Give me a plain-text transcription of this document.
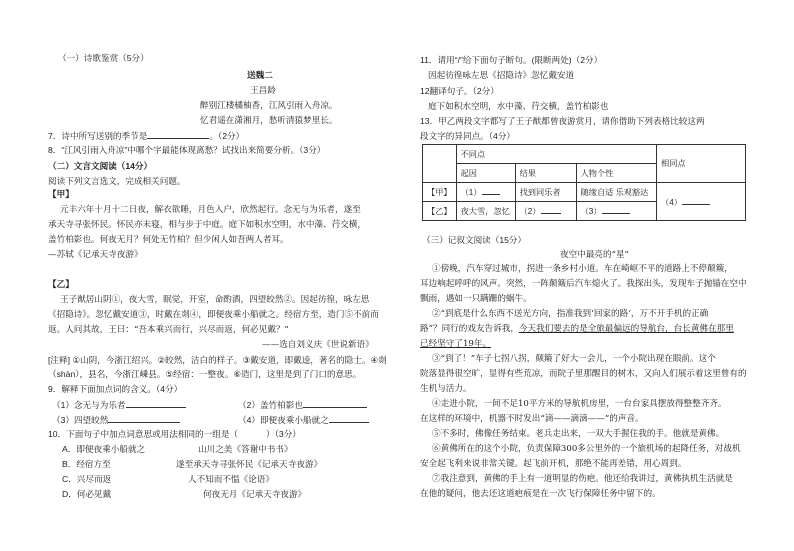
（一）诗歌鉴赏（5分）
送魏二
王昌龄
醉别江楼橘柚香，江风引雨入舟凉。
忆君遥在潇湘月，愁听清猿梦里长。
7．诗中所写送别的季节是	。（2分）
8．“江风引雨入舟凉”中哪个字最能体现离愁？试找出来简要分析。（3分）
（二）文言文阅读（14分）
阅读下列文言选文，完成相关问题。
【甲】
元丰六年十月十二日夜，解衣欲睡，月色入户，欣然起行。念无与为乐者，遂至
承天寺寻张怀民。怀民亦未寝，相与步于中庭。庭下如积水空明，水中藻、荇交横，
盖竹柏影也。何夜无月？何处无竹柏？但少闲人如吾两人者耳。
—苏轼《记承天寺夜游》
【乙】
王子猷居山阴①，夜大雪，眠觉，开室，命酌酒，四望皎然②。因起彷徨，咏左思
《招隐诗》。忽忆戴安道③，时戴在剡④，即便夜乘小船就之。经宿方至，造门⑤不前而
返。人问其故，王曰：“吾本乘兴而行，兴尽而返，何必见戴？”
——选自刘义庆《世说新语》
[注释] ①山阴，今浙江绍兴。②皎然，洁白的样子。③戴安道，即戴逵，著名的隐士。④剡
（shàn），县名，今浙江嵊县。⑤经宿：一整夜。⑥造门，这里是到了门口的意思。
9．解释下面加点词的含义。（4分）
（1）念无与为乐者	（2）盖竹柏影也
（3）四望皎然	（4）即便夜乘小船就之
10．下面句子中加点词意思或用法相同的一组是（	）（3分）
A．即便夜乘小船就之	山川之美《答谢中书书》
B．经宿方至	遂至承天寺寻张怀民《记承天寺夜游》
C．兴尽而返	人不知而不愠《论语》
D．何必见戴	何夜无月《记承天寺夜游》
11．请用“/”给下面句子断句。(限断两处)（2分）
因起彷徨咏左思《招隐诗》忽忆戴安道
12翻译句子。（2分）
庭下如积水空明，水中藻、荇交横，盖竹柏影也
13．甲乙两段文字都写了王子猷都曾夜游赏月，请你借助下列表格比较这两
段文字的异同点。（4分）
	不同点			相同点
	起因	结果	人物个性	
【甲】	（1）	找到同乐者	随缘自适 乐观豁达	（4）
【乙】	夜大雪，忽忆	（2）	（3）	
（三）记叙文阅读（15分）
夜空中最亮的“星”
①傍晚，汽车穿过城市，拐进一条乡村小道。车在崎岖不平的道路上不停颠簸，
耳边响起呼呼的风声。突然，一阵颠簸后汽车熄火了。我探出头，发现车子抛锚在空中
飘雨，遇如一只蹒跚的蜗牛。
②“到底是什么东西不送光方向，指准我到‘回家的路’，万不开手机的正确
路”？同行的戏友告诉我，今天我们要去的是全旅最偏远的导航台，台长黄佛在那里
已经坚守了19年。
③“到了！”车子七拐八拐，颠簸了好大一会儿，一个小院出现在眼前。这个
院落显得很空旷，显得有些荒凉，而院子里那醒目的树木，又向人们展示着这里曾有的
生机与活力。
④走进小院，一间不足10平方米的导航机房里，一台台家具摆放得整整齐齐。
在这样的环境中，机器不时发出“滴——滴滴——”的声音。
⑤不多时，佛像任务结束。老兵走出来，一双大手握住我的手。他就是黄佛。
⑥黄佛所在的这个小院，负责保障300多公里外的一个旅机场的起降任务，对战机
安全起飞利来说非常关键。起飞前开机，那绝不能再差错，用心周到。
⑦我注意到，黄佛的手上有一道明显的伤疤。他还给我讲过，黄佛执机生活就是
在他的疑问，他去还这道疤痕是在一次飞行保障任务中留下的。
